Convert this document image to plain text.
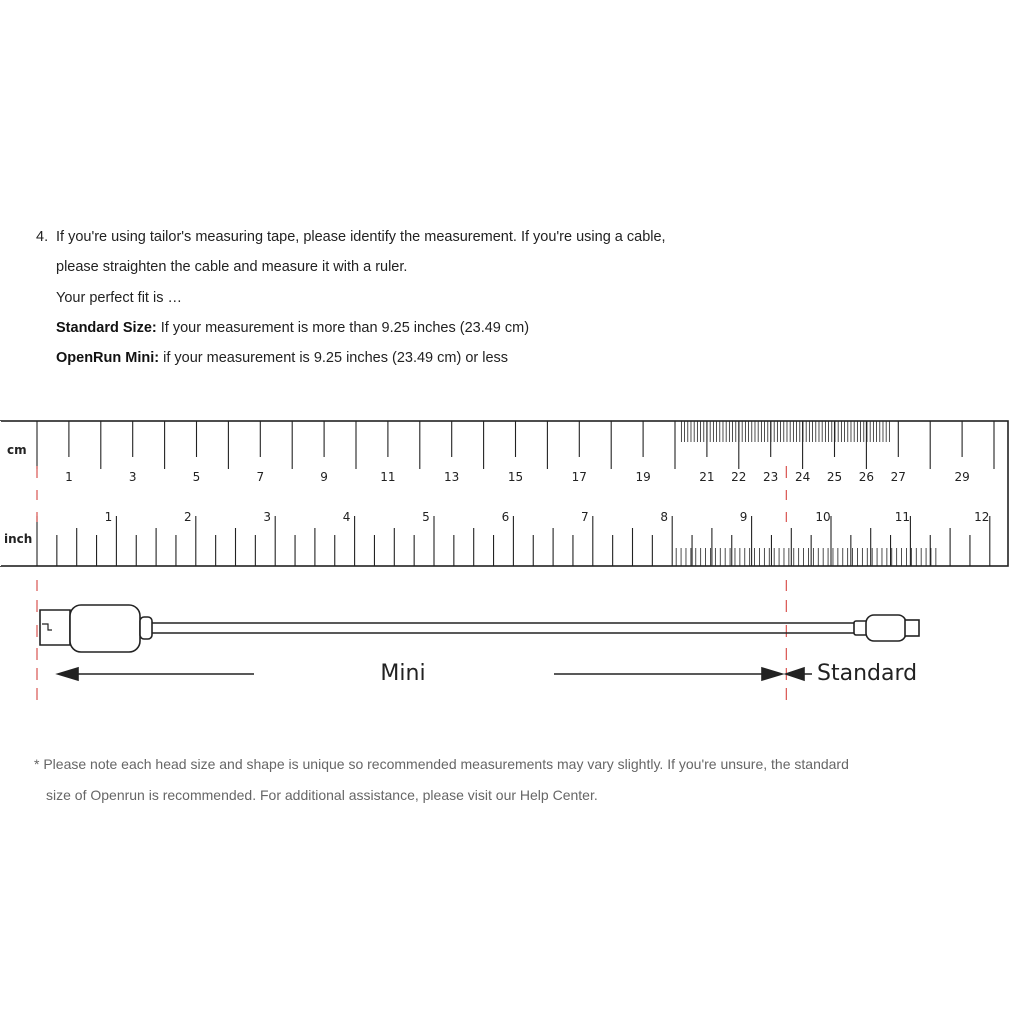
4. If you're using tailor's measuring tape, please identify the measurement. If you're using a cable,
please straighten the cable and measure it with a ruler.
Your perfect fit is …
Standard Size: If your measurement is more than 9.25 inches (23.49 cm)
OpenRun Mini: if your measurement is 9.25 inches (23.49 cm) or less
1	3	5	7	9	11	13	15	17	19	21 22 23 24 25 26 27	29
1	2	3	4	5	6	7	8	9	10	11	12
cm
inch
Mini	Standard
* Please note each head size and shape is unique so recommended measurements may vary slightly. If you're unsure, the standard
size of Openrun is recommended. For additional assistance, please visit our Help Center.
